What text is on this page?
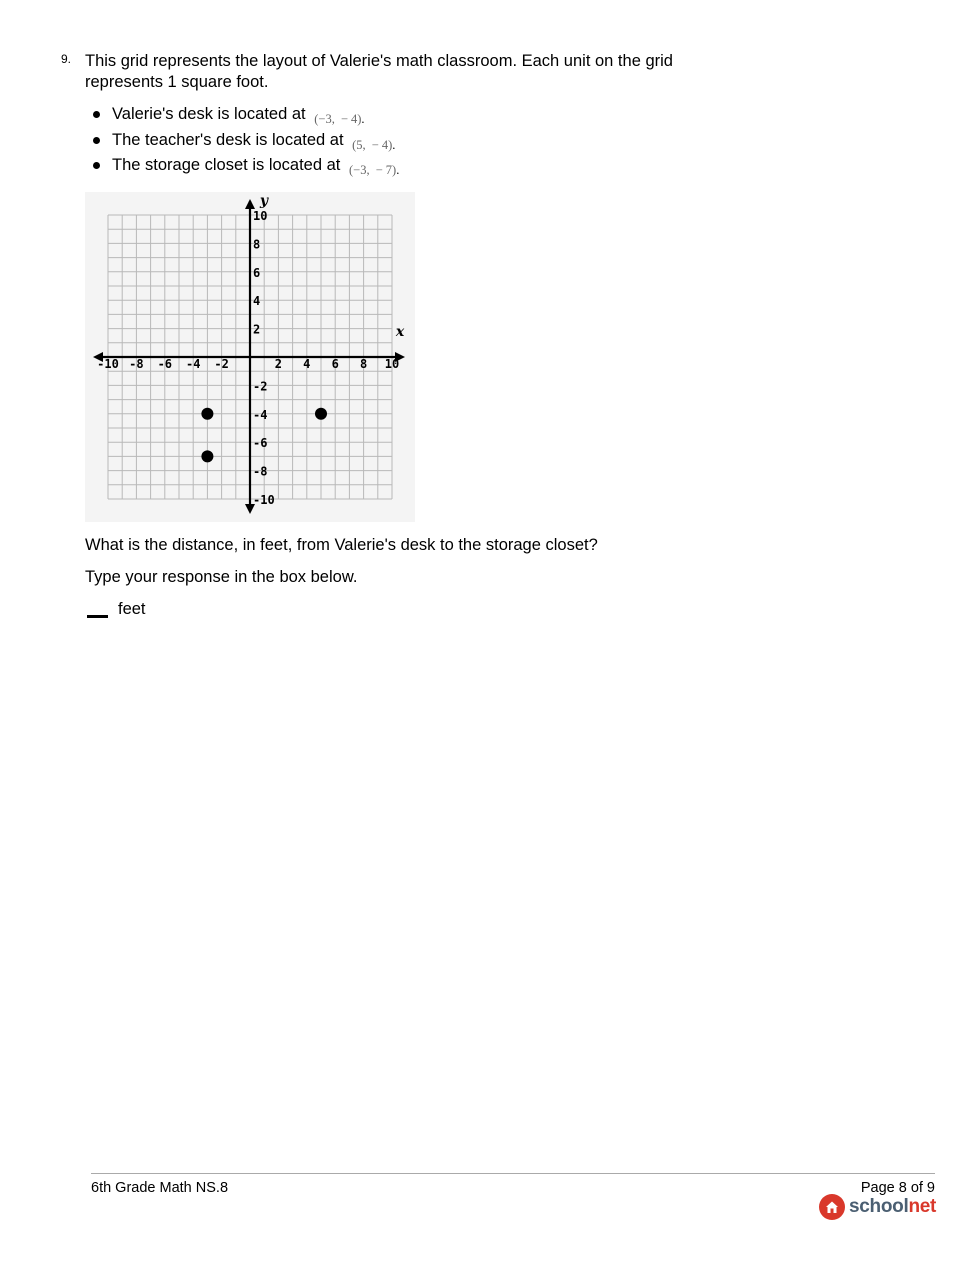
9. This grid represents the layout of Valerie's math classroom. Each unit on the grid represents 1 square foot.
Valerie's desk is located at $_{(-3, - 4).}$
The teacher's desk is located at $_{(5, - 4).}$
The storage closet is located at $_{(-3, - 7).}$
-10 -8 -6 -4 -2	2 4 6 8 10
10
8
6
4
2
-2
-4
-6
-8
-10
x
y
What is the distance, in feet, from Valerie's desk to the storage closet?
Type your response in the box below.
feet
6th Grade Math NS.8	Page 8 of 9
schoolnet
